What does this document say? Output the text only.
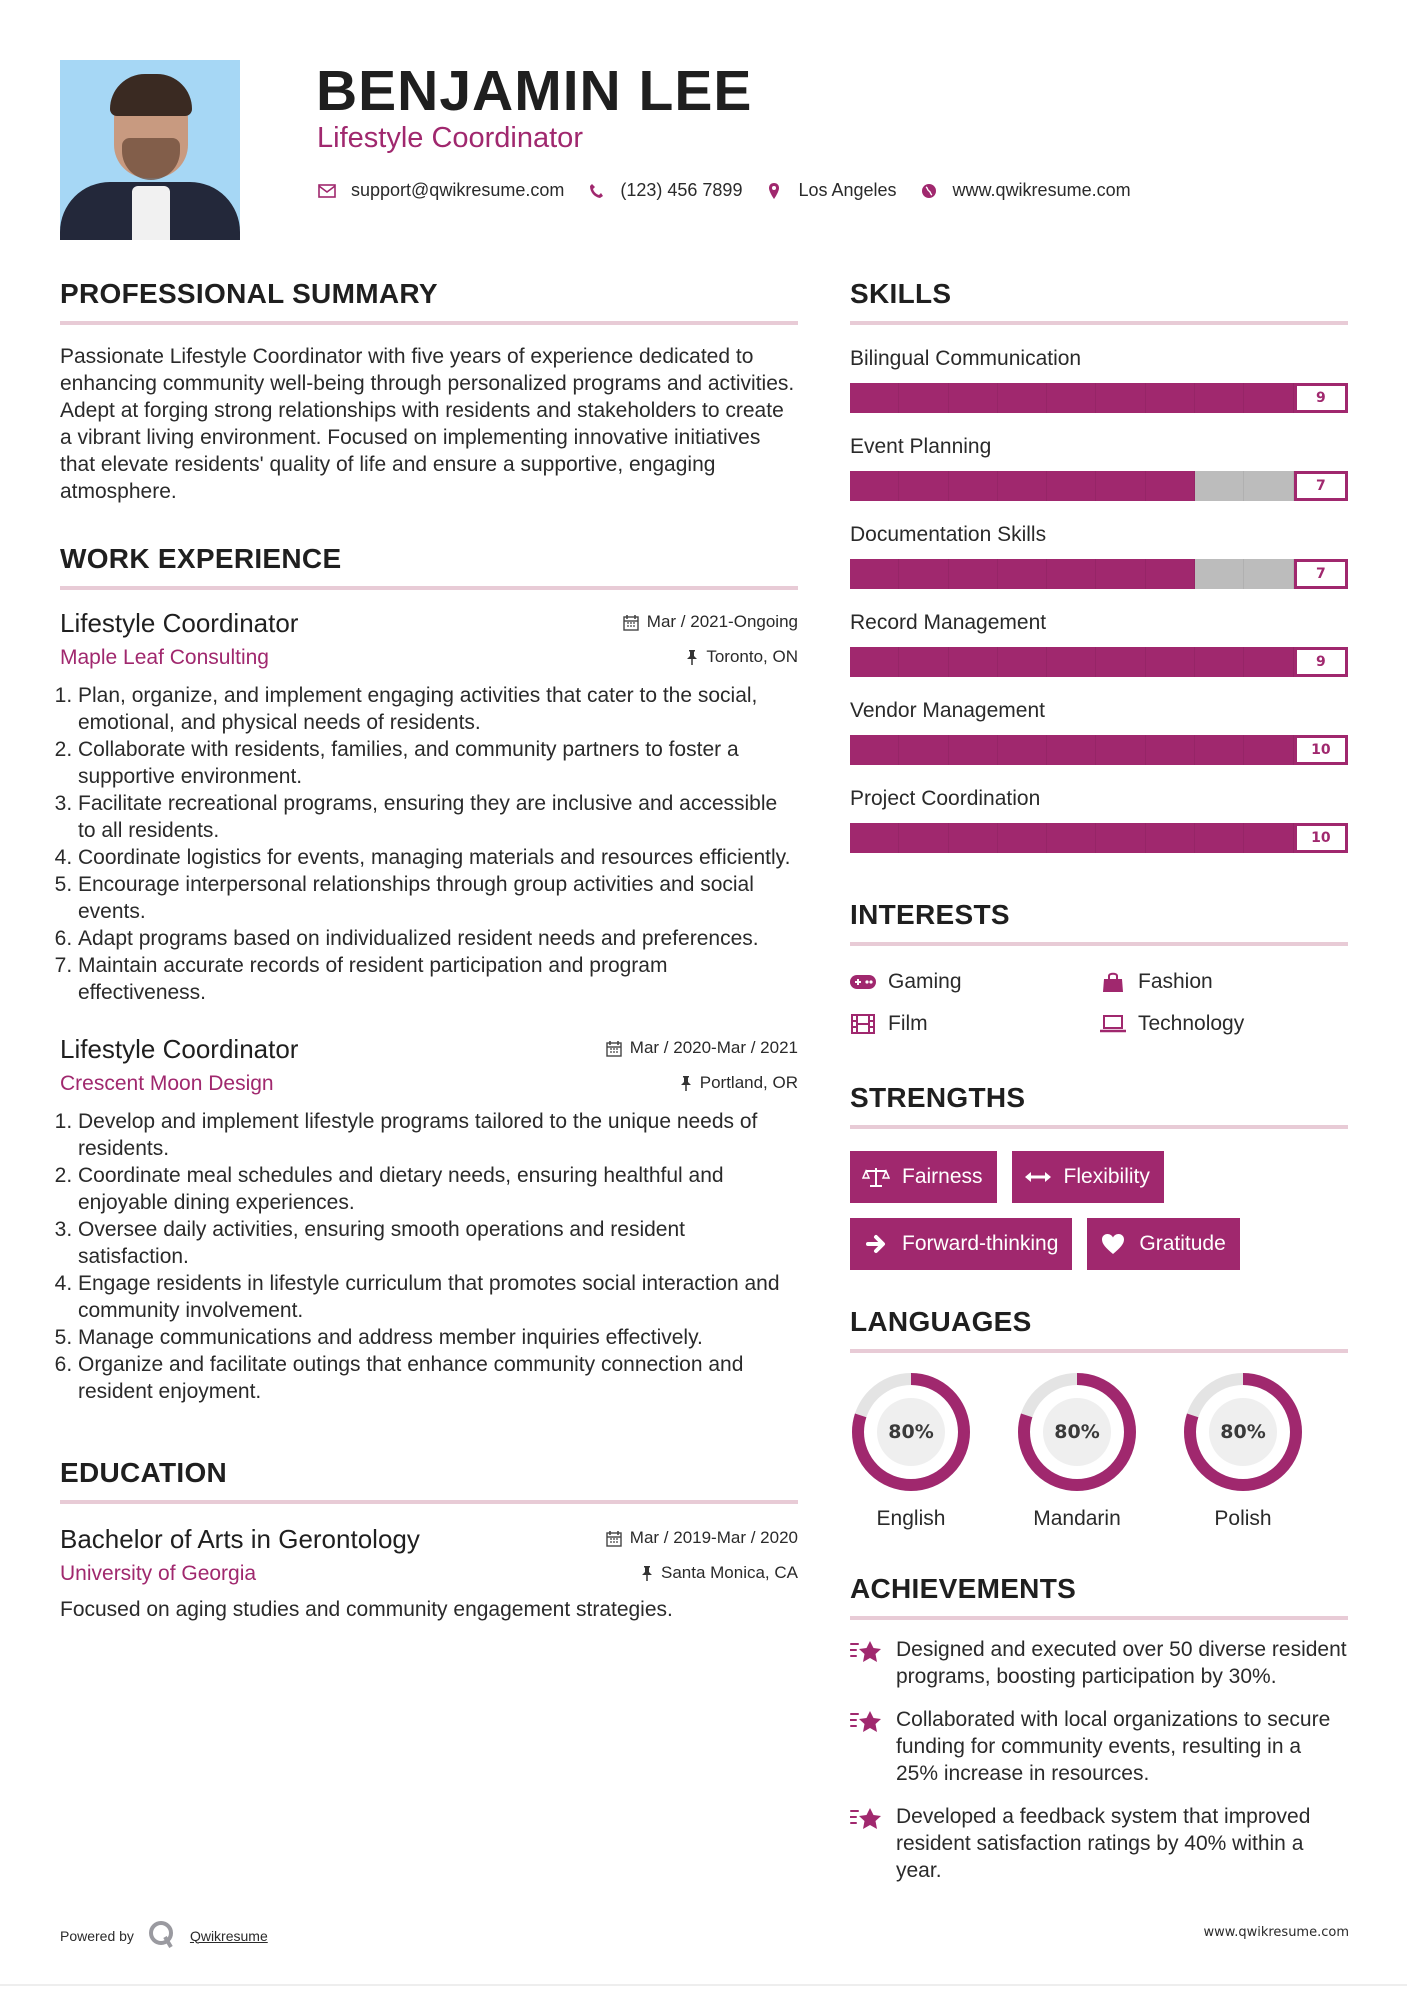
BENJAMIN LEE
Lifestyle Coordinator
support@qwikresume.com	(123) 456 7899	Los Angeles	www.qwikresume.com
PROFESSIONAL SUMMARY

Passionate Lifestyle Coordinator with five years of experience dedicated to enhancing community well-being through personalized programs and activities. Adept at forging strong relationships with residents and stakeholders to create a vibrant living environment. Focused on implementing innovative initiatives that elevate residents' quality of life and ensure a supportive, engaging atmosphere.

WORK EXPERIENCE
Lifestyle Coordinator
Maple Leaf Consulting
Mar / 2021-Ongoing
Toronto, ON
1. Plan, organize, and implement engaging activities that cater to the social, emotional, and physical needs of residents.
2. Collaborate with residents, families, and community partners to foster a supportive environment.
3. Facilitate recreational programs, ensuring they are inclusive and accessible to all residents.
4. Coordinate logistics for events, managing materials and resources efficiently.
5. Encourage interpersonal relationships through group activities and social events.
6. Adapt programs based on individualized resident needs and preferences.
7. Maintain accurate records of resident participation and program effectiveness.
Lifestyle Coordinator
Crescent Moon Design
Mar / 2020-Mar / 2021
Portland, OR
1. Develop and implement lifestyle programs tailored to the unique needs of residents.
2. Coordinate meal schedules and dietary needs, ensuring healthful and enjoyable dining experiences.
3. Oversee daily activities, ensuring smooth operations and resident satisfaction.
4. Engage residents in lifestyle curriculum that promotes social interaction and community involvement.
5. Manage communications and address member inquiries effectively.
6. Organize and facilitate outings that enhance community connection and resident enjoyment.
EDUCATION
Bachelor of Arts in Gerontology
University of Georgia
Mar / 2019-Mar / 2020
Santa Monica, CA

Focused on aging studies and community engagement strategies.

SKILLS
Bilingual Communication
9
Event Planning
7
Documentation Skills
7
Record Management
9
Vendor Management
10
Project Coordination
10
INTERESTS
Gaming	Fashion
Film	Technology
STRENGTHS
Fairness	Flexibility
Forward-thinking	Gratitude
LANGUAGES
80%
English
80%
Mandarin
80%
Polish
ACHIEVEMENTS
Designed and executed over 50 diverse resident programs, boosting participation by 30%.
Collaborated with local organizations to secure funding for community events, resulting in a 25% increase in resources.
Developed a feedback system that improved resident satisfaction ratings by 40% within a year.
Powered by	Qwikresume	www.qwikresume.com
